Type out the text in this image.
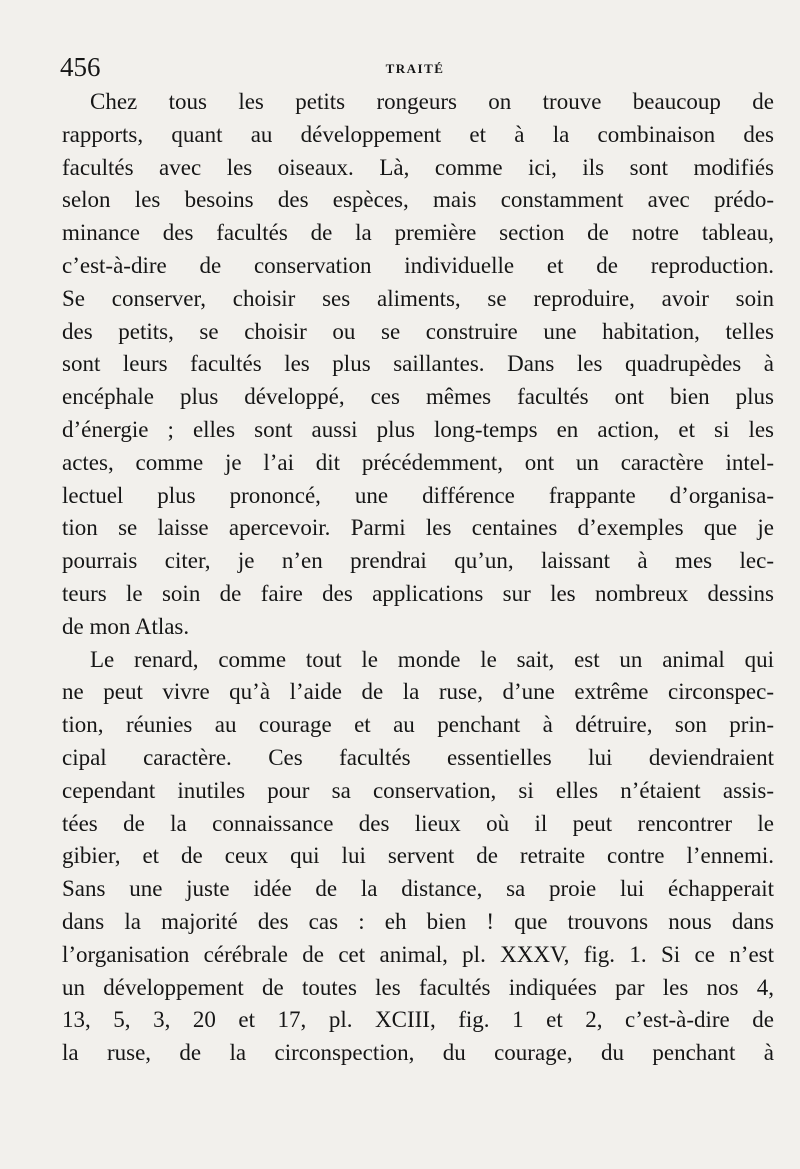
456	TRAITÉ
Chez tous les petits rongeurs on trouve beaucoup de
rapports, quant au développement et à la combinaison des
facultés avec les oiseaux. Là, comme ici, ils sont modifiés
selon les besoins des espèces, mais constamment avec prédo-
minance des facultés de la première section de notre tableau,
c’est-à-dire de conservation individuelle et de reproduction.
Se conserver, choisir ses aliments, se reproduire, avoir soin
des petits, se choisir ou se construire une habitation, telles
sont leurs facultés les plus saillantes. Dans les quadrupèdes à
encéphale plus développé, ces mêmes facultés ont bien plus
d’énergie ; elles sont aussi plus long-temps en action, et si les
actes, comme je l’ai dit précédemment, ont un caractère intel-
lectuel plus prononcé, une différence frappante d’organisa-
tion se laisse apercevoir. Parmi les centaines d’exemples que je
pourrais citer, je n’en prendrai qu’un, laissant à mes lec-
teurs le soin de faire des applications sur les nombreux dessins
de mon Atlas.
Le renard, comme tout le monde le sait, est un animal qui
ne peut vivre qu’à l’aide de la ruse, d’une extrême circonspec-
tion, réunies au courage et au penchant à détruire, son prin-
cipal caractère. Ces facultés essentielles lui deviendraient
cependant inutiles pour sa conservation, si elles n’étaient assis-
tées de la connaissance des lieux où il peut rencontrer le
gibier, et de ceux qui lui servent de retraite contre l’ennemi.
Sans une juste idée de la distance, sa proie lui échapperait
dans la majorité des cas : eh bien ! que trouvons nous dans
l’organisation cérébrale de cet animal, pl. XXXV, fig. 1. Si ce n’est
un développement de toutes les facultés indiquées par les nos 4,
13, 5, 3, 20 et 17, pl. XCIII, fig. 1 et 2, c’est-à-dire de
la ruse, de la circonspection, du courage, du penchant à
